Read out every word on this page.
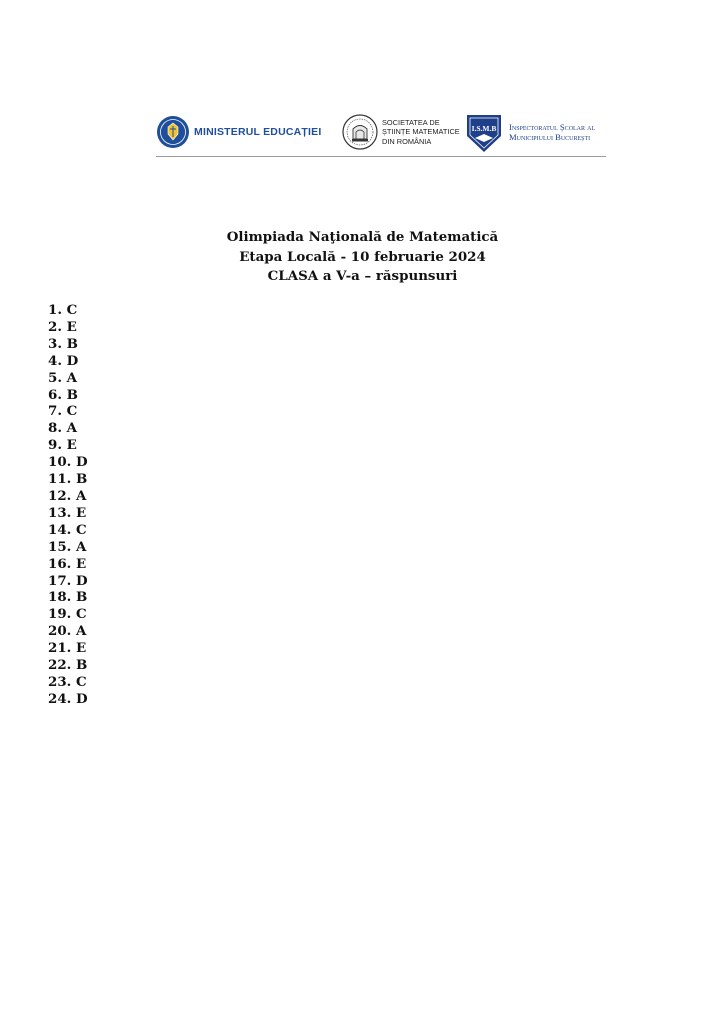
MINISTERUL EDUCAȚIEI
SOCIETATEA DE
ȘTIINȚE MATEMATICE
DIN ROMÂNIA
I.S.M.B Inspectoratul Școlar al
Municipiului București
Olimpiada Naţională de Matematică
Etapa Locală - 10 februarie 2024
CLASA a V-a – răspunsuri
1. C
2. E
3. B
4. D
5. A
6. B
7. C
8. A
9. E
10. D
11. B
12. A
13. E
14. C
15. A
16. E
17. D
18. B
19. C
20. A
21. E
22. B
23. C
24. D
